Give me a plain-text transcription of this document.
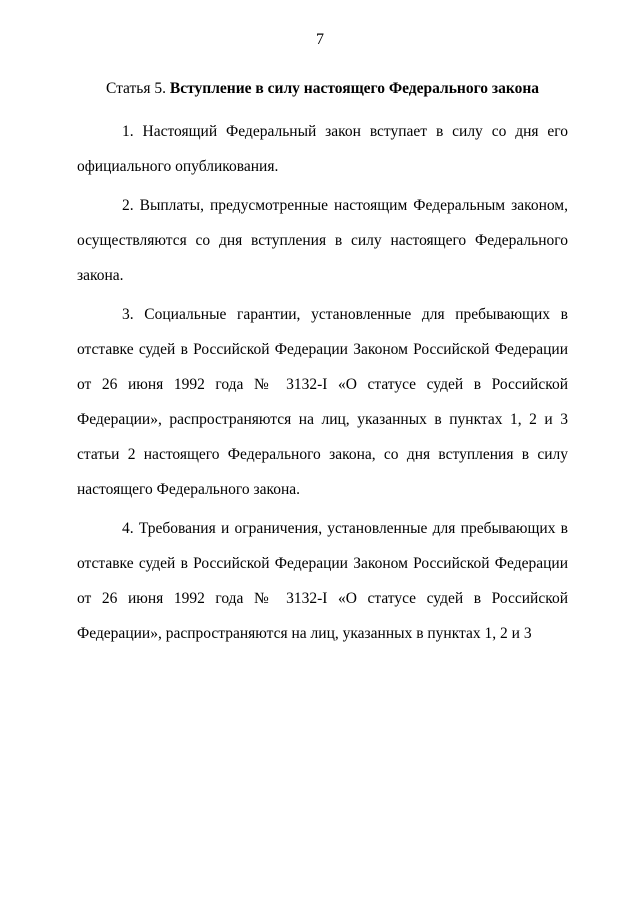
7
Статья 5. Вступление в силу настоящего Федерального закона

1. Настоящий Федеральный закон вступает в силу со дня его официального опубликования.

2. Выплаты, предусмотренные настоящим Федеральным законом, осуществляются со дня вступления в силу настоящего Федерального закона.

3. Социальные гарантии, установленные для пребывающих в отставке судей в Российской Федерации Законом Российской Федерации от 26 июня 1992 года № 3132-I «О статусе судей в Российской Федерации», распространяются на лиц, указанных в пунктах 1, 2 и 3 статьи 2 настоящего Федерального закона, со дня вступления в силу настоящего Федерального закона.

4. Требования и ограничения, установленные для пребывающих в отставке судей в Российской Федерации Законом Российской Федерации от 26 июня 1992 года № 3132-I «О статусе судей в Российской Федерации», распространяются на лиц, указанных в пунктах 1, 2 и 3
